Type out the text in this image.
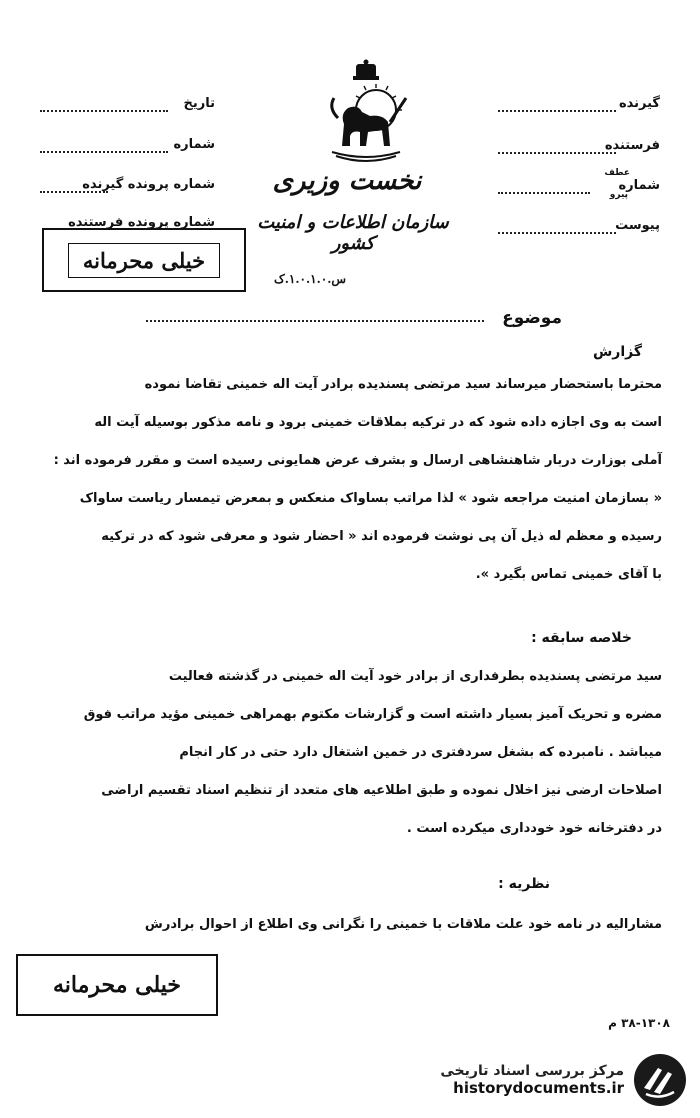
گیرنده
فرستنده
شماره
عطف
پیرو
پیوست
تاریخ
شماره
شماره پرونده گیرنده
شماره پرونده فرستنده
نخست وزیری
سازمان اطلاعات و امنیت کشور
س.۱.۰.۱.۰.ک
خیلی محرمانه
موضوع
گزارش

محترما باستحضار میرساند سید مرتضی پسندیده برادر آیت اله خمینی تقاضا نموده

است به وی اجازه داده شود که در ترکیه بملاقات خمینی برود و نامه مذکور بوسیله آیت اله

آملی بوزارت دربار شاهنشاهی ارسال و بشرف عرض همایونی رسیده است و مقرر فرموده اند :

« بسازمان امنیت مراجعه شود » لذا مراتب بساواک منعکس و بمعرض تیمسار ریاست ساواک

رسیده و معظم له ذیل آن پی نوشت فرموده اند « احضار شود و معرفی شود که در ترکیه

با آقای خمینی تماس بگیرد ».

خلاصه سابقه :

سید مرتضی پسندیده بطرفداری از برادر خود آیت اله خمینی در گذشته فعالیت

مضره و تحریک آمیز بسیار داشته است و گزارشات مکتوم بهمراهی خمینی مؤید مراتب فوق

میباشد . نامبرده که بشغل سردفتری در خمین اشتغال دارد حتی در کار انجام

اصلاحات ارضی نیز اخلال نموده و طبق اطلاعیه های متعدد از تنظیم اسناد تقسیم اراضی

در دفترخانه خود خودداری میکرده است .

نظریه :

مشارالیه در نامه خود علت ملاقات با خمینی را نگرانی وی اطلاع از احوال برادرش

خیلی محرمانه
۳۸-۱۳۰۸ م
مرکز بررسی اسناد تاریخی
historydocuments.ir
